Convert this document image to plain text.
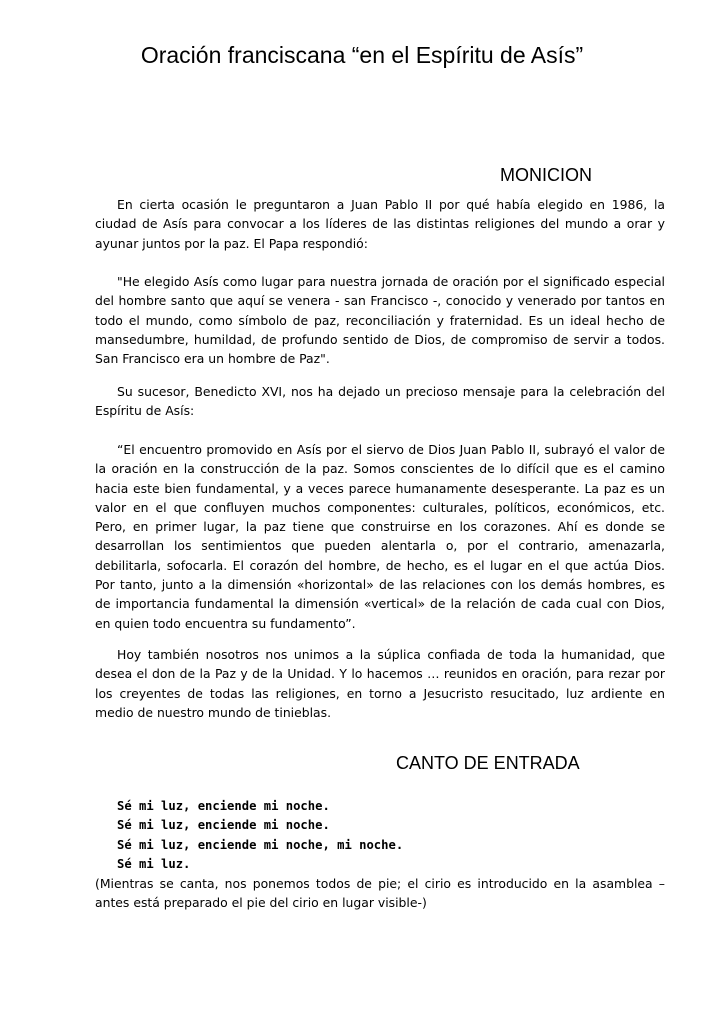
Oración franciscana “en el Espíritu de Asís”
MONICION

En cierta ocasión le preguntaron a Juan Pablo II por qué había elegido en 1986, la ciudad de Asís para convocar a los líderes de las distintas religiones del mundo a orar y ayunar juntos por la paz. El Papa respondió:

"He elegido Asís como lugar para nuestra jornada de oración por el significado especial del hombre santo que aquí se venera - san Francisco -, conocido y venerado por tantos en todo el mundo, como símbolo de paz, reconciliación y fraternidad. Es un ideal hecho de mansedumbre, humildad, de profundo sentido de Dios, de compromiso de servir a todos. San Francisco era un hombre de Paz".

Su sucesor, Benedicto XVI, nos ha dejado un precioso mensaje para la celebración del Espíritu de Asís:

“El encuentro promovido en Asís por el siervo de Dios Juan Pablo II, subrayó el valor de la oración en la construcción de la paz. Somos conscientes de lo difícil que es el camino hacia este bien fundamental, y a veces parece humanamente desesperante. La paz es un valor en el que confluyen muchos componentes: culturales, políticos, económicos, etc. Pero, en primer lugar, la paz tiene que construirse en los corazones. Ahí es donde se desarrollan los sentimientos que pueden alentarla o, por el contrario, amenazarla, debilitarla, sofocarla. El corazón del hombre, de hecho, es el lugar en el que actúa Dios. Por tanto, junto a la dimensión «horizontal» de las relaciones con los demás hombres, es de importancia fundamental la dimensión «vertical» de la relación de cada cual con Dios, en quien todo encuentra su fundamento”.

Hoy también nosotros nos unimos a la súplica confiada de toda la humanidad, que desea el don de la Paz y de la Unidad. Y lo hacemos … reunidos en oración, para rezar por los creyentes de todas las religiones, en torno a Jesucristo resucitado, luz ardiente en medio de nuestro mundo de tinieblas.

CANTO DE ENTRADA
Sé mi luz, enciende mi noche.
Sé mi luz, enciende mi noche.
Sé mi luz, enciende mi noche, mi noche.
Sé mi luz.

(Mientras se canta, nos ponemos todos de pie; el cirio es introducido en la asamblea –antes está preparado el pie del cirio en lugar visible-)
